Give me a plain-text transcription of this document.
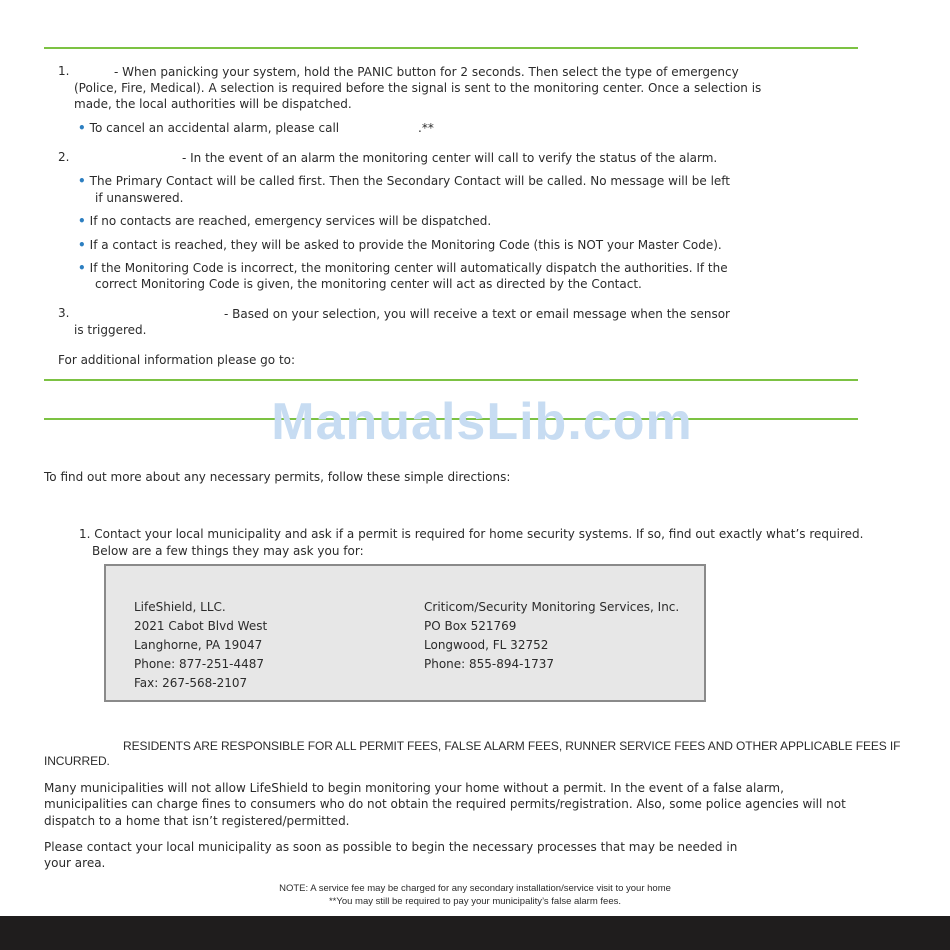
1.	- When panicking your system, hold the PANIC button for 2 seconds. Then select the type of emergency
(Police, Fire, Medical). A selection is required before the signal is sent to the monitoring center. Once a selection is
made, the local authorities will be dispatched.
• To cancel an accidental alarm, please call	.**
2.	- In the event of an alarm the monitoring center will call to verify the status of the alarm.
• The Primary Contact will be called first. Then the Secondary Contact will be called. No message will be left
if unanswered.
• If no contacts are reached, emergency services will be dispatched.
• If a contact is reached, they will be asked to provide the Monitoring Code (this is NOT your Master Code).
• If the Monitoring Code is incorrect, the monitoring center will automatically dispatch the authorities. If the
correct Monitoring Code is given, the monitoring center will act as directed by the Contact.
3.	- Based on your selection, you will receive a text or email message when the sensor
is triggered.
For additional information please go to:
ManualsLib.com
To find out more about any necessary permits, follow these simple directions:
1. Contact your local municipality and ask if a permit is required for home security systems. If so, find out exactly what’s required.
Below are a few things they may ask you for:
LifeShield, LLC.
2021 Cabot Blvd West
Langhorne, PA 19047
Phone: 877-251-4487
Fax: 267-568-2107
Criticom/Security Monitoring Services, Inc.
PO Box 521769
Longwood, FL 32752
Phone: 855-894-1737
RESIDENTS ARE RESPONSIBLE FOR ALL PERMIT FEES, FALSE ALARM FEES, RUNNER SERVICE FEES AND OTHER APPLICABLE FEES IF
INCURRED.
Many municipalities will not allow LifeShield to begin monitoring your home without a permit. In the event of a false alarm,
municipalities can charge fines to consumers who do not obtain the required permits/registration. Also, some police agencies will not
dispatch to a home that isn’t registered/permitted.
Please contact your local municipality as soon as possible to begin the necessary processes that may be needed in
your area.
NOTE: A service fee may be charged for any secondary installation/service visit to your home
**You may still be required to pay your municipality’s false alarm fees.
